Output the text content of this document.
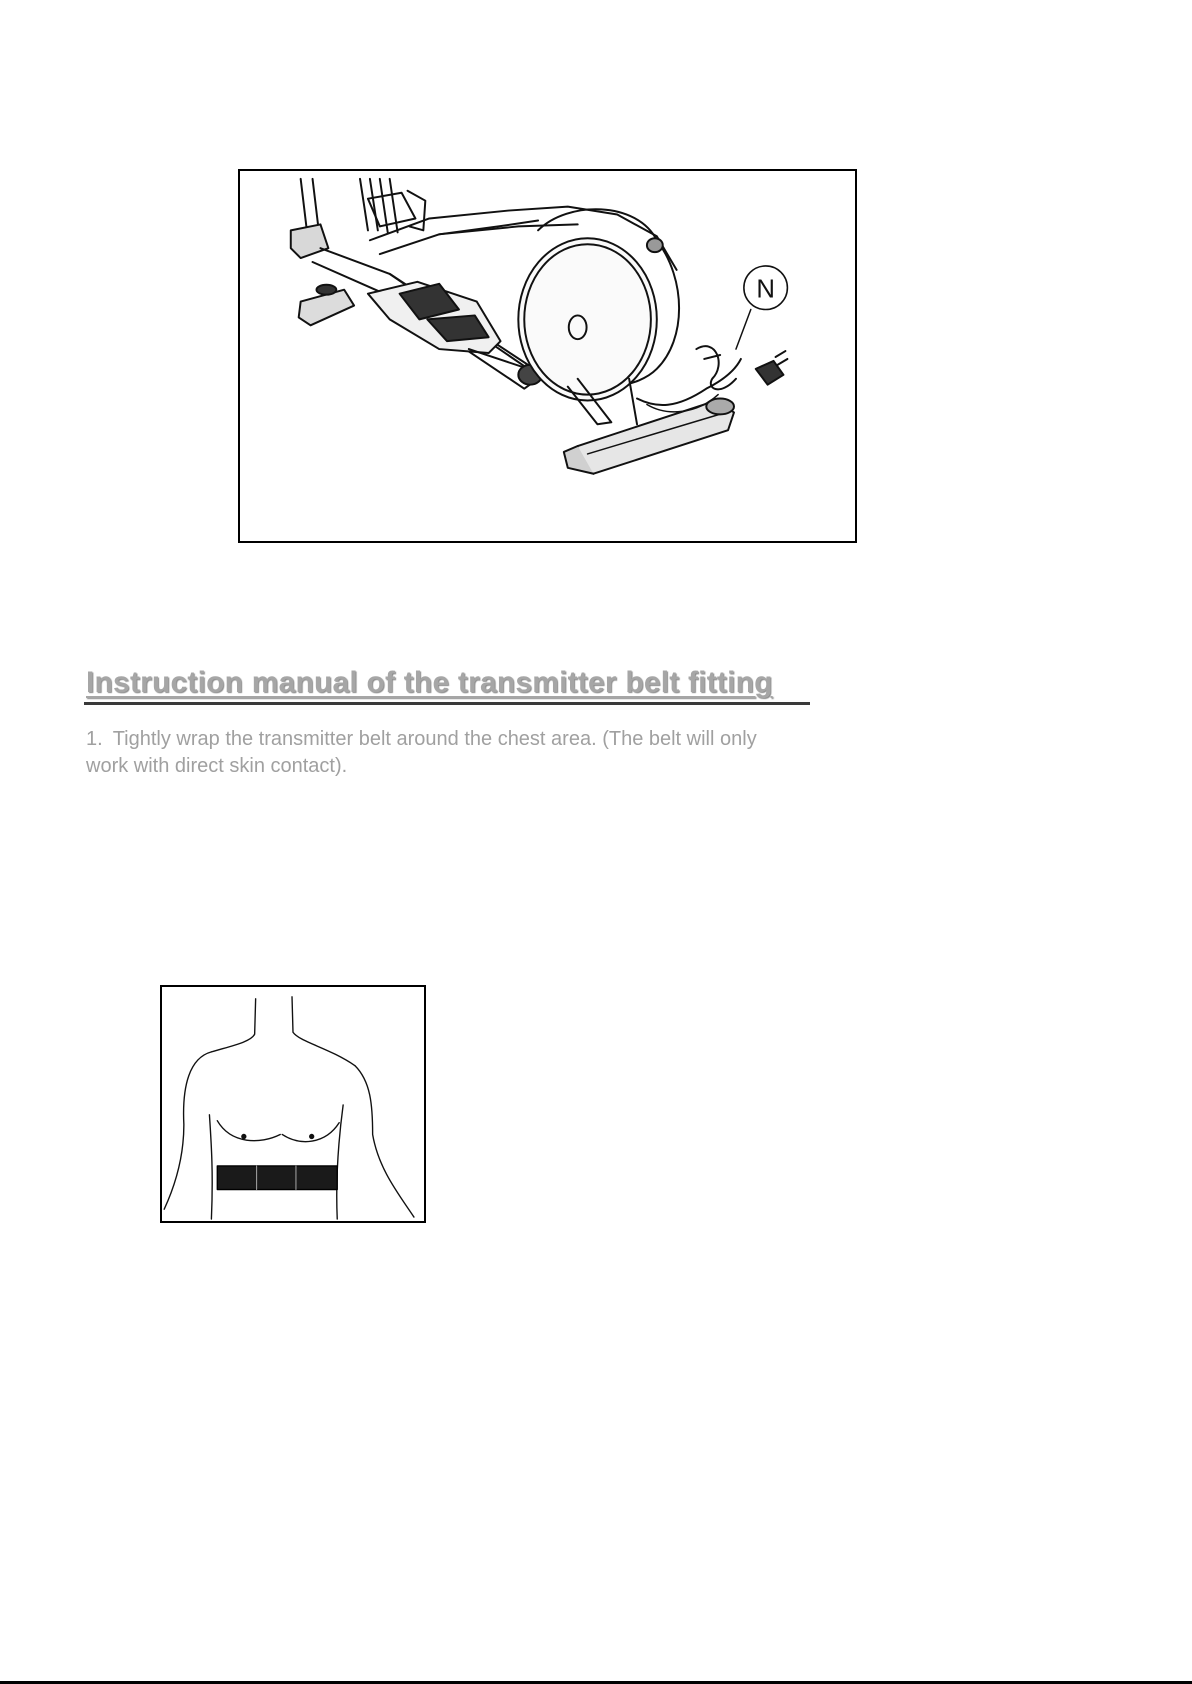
N
Instruction manual of the transmitter belt fitting

1. Tightly wrap the transmitter belt around the chest area. (The belt will only work with direct skin contact).
